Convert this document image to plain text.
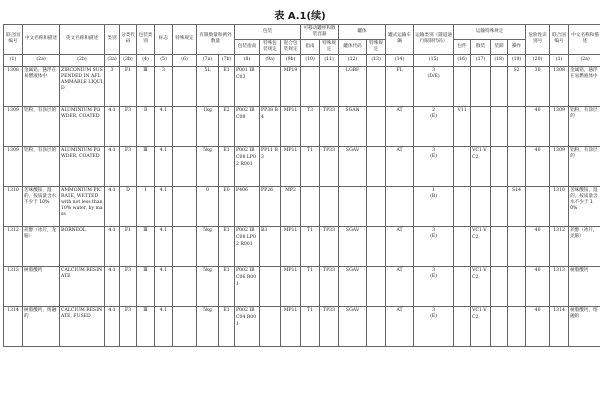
表 A.1(续)
联合国编号	中文名称和描述	英文名称和描述	类别	分类代码	包装类别	标志	特殊规定	有限数量和例外数量		包装			可移动罐柜和散装容器		罐体		罐式运输车辆	运输类别（隧道通行限制代码）	运输特殊规定				危险性识别号	联合国编号	中文名称和描述
										包装指南	特殊包装规定	混合包装规定	指南	特殊规定	罐体代码	特殊规定			包件	散装	装卸	操作			
(1)	(2a)	(2b)	(3a)	(3b)	(4)	(5)	(6)	(7a)	(7b)	(8)	(9a)	(9b)	(10)	(11)	(12)	(13)	(14)	(15)	(16)	(17)	(18)	(19)	(20)	(1)	(2a)
1308	金属锆，悬浮在易燃液体中	ZIRCONIUM SUSPENDED IN AFLAMMABLE LIQUID	3	F1	Ⅲ	3		5L	E1	P001 IBC03		MP19			LGBF		FL	3
(D/E)				S2	30	1308	金属锆，悬浮在易燃液体中
1309	铝粉，有涂层的	ALUMINIUM POWDER, COATED	4.1	F3	Ⅱ	4.1		1kg	E2	P002 IBC08	PP38 B4	MP11	T3	TP33	SGAN		AT	2
(E)	V11				40	1309	铝粉，有涂层的
1309	铝粉，有涂层的	ALUMINIUM POWDER, COATED	4.1	F3	Ⅲ	4.1		5kg	E1	P002 IBC08 LP02 R001	PP11 B3	MP11	T1	TP33	SGAV		AT	3
(E)		VC1 VC2			40	1309	铝粉，有涂层的
1310	苦味酸铵，湿的，按质量含水不少于 10%	AMMONIUM PICRATE, WETTED with not less than 10% water, by mass	4.1	D	Ⅰ	4.1		0	E0	P406	PP26	MP2						1
(B)				S14		1310	苦味酸铵，湿的，按质量含水不少于 10%
1312	莰醇（冰片，龙脑）	BORNEOL	4.1	F1	Ⅲ	4.1		5kg	E1	P002 IBC08 LP02 R001	B3	MP11	T1	TP33	SGAV		AT	3
(E)		VC1 VC2			40	1312	莰醇（冰片，龙脑）
1313	树脂酸钙	CALCIUM RESINATE	4.1	F3	Ⅲ	4.1		5kg	E1	P002 IBC06 R001		MP11	T1	TP33	SGAV		AT	3
(E)		VC1 VC2			40	1313	树脂酸钙
1314	树脂酸钙，熔融的	CALCIUM RESINATE, FUSED	4.1	F3	Ⅲ	4.1		5kg	E1	P002 IBC04 R001		MP11	T1	TP33	SGAV		AT	3
(E)		VC1 VC2			40	1314	树脂酸钙，熔融的
